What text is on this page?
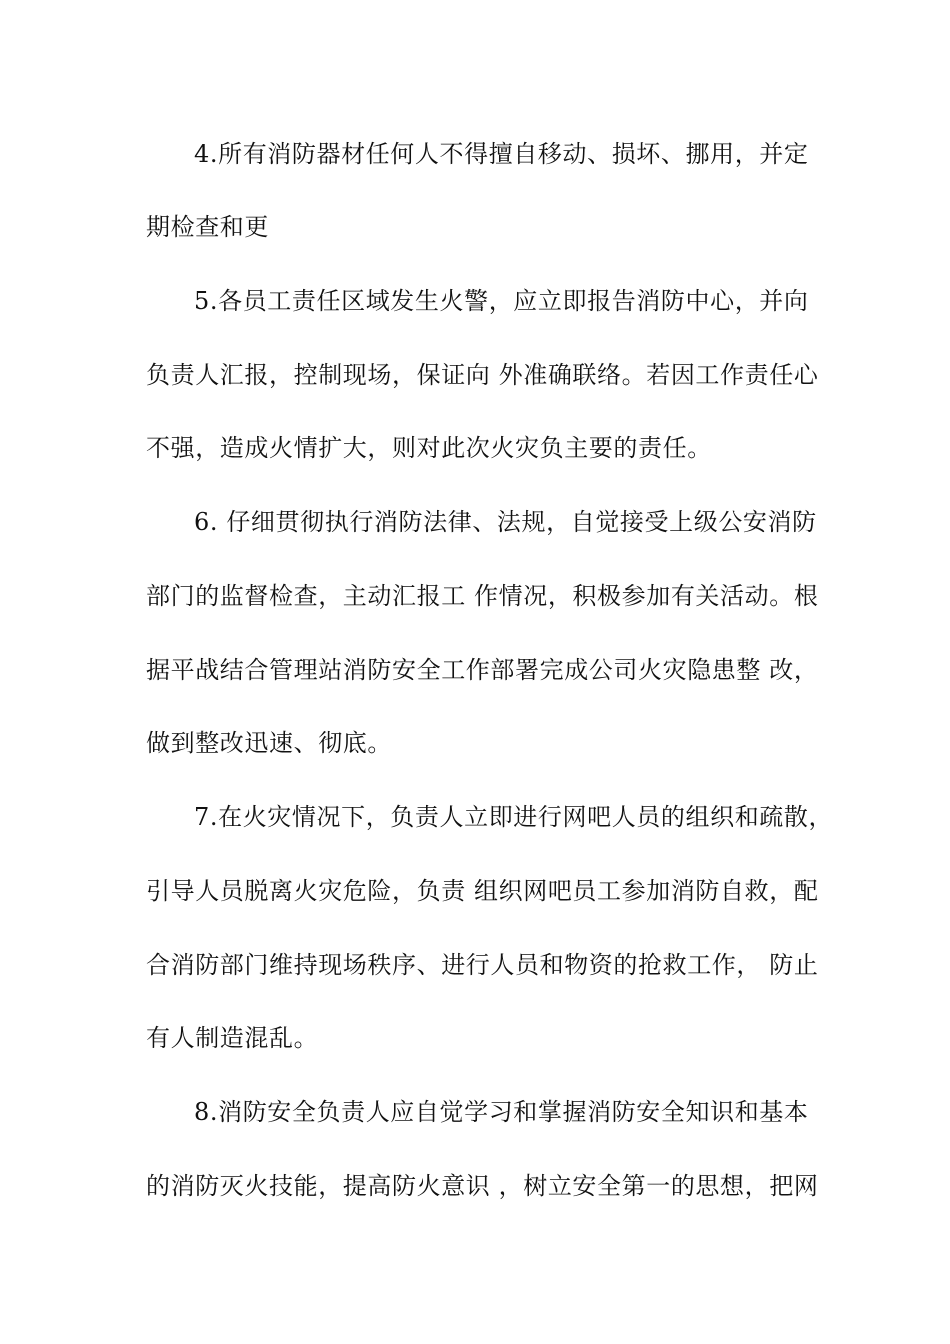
4.所有消防器材任何人不得擅自移动、损坏、挪用，并定
期检查和更
5.各员工责任区域发生火警，应立即报告消防中心，并向
负责人汇报，控制现场，保证向 外准确联络。若因工作责任心
不强，造成火情扩大，则对此次火灾负主要的责任。
6. 仔细贯彻执行消防法律、法规，自觉接受上级公安消防
部门的监督检查，主动汇报工 作情况，积极参加有关活动。根
据平战结合管理站消防安全工作部署完成公司火灾隐患整 改，
做到整改迅速、彻底。
7.在火灾情况下，负责人立即进行网吧人员的组织和疏散，
引导人员脱离火灾危险，负责 组织网吧员工参加消防自救，配
合消防部门维持现场秩序、进行人员和物资的抢救工作， 防止
有人制造混乱。
8.消防安全负责人应自觉学习和掌握消防安全知识和基本
的消防灭火技能，提高防火意识 ，树立安全第一的思想，把网
